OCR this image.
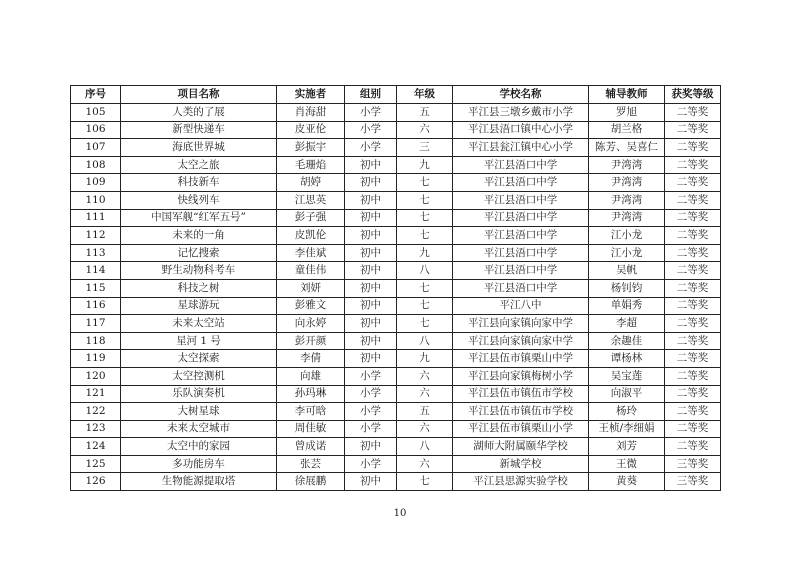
序号	项目名称	实施者	组别	年级	学校名称	辅导教师	获奖等级
105	人类的了展	肖海甜	小学	五	平江县三墩乡戴市小学	罗旭	二等奖
106	新型快递车	皮亚伦	小学	六	平江县浯口镇中心小学	胡兰格	二等奖
107	海底世界城	彭振宇	小学	三	平江县瓮江镇中心小学	陈芳、吴喜仁	二等奖
108	太空之旅	毛珊焰	初中	九	平江县浯口中学	尹湾湾	二等奖
109	科技新车	胡婷	初中	七	平江县浯口中学	尹湾湾	二等奖
110	快线列车	江思英	初中	七	平江县浯口中学	尹湾湾	二等奖
111	中国军舰“红军五号”	彭子强	初中	七	平江县浯口中学	尹湾湾	二等奖
112	未来的一角	皮凯伦	初中	七	平江县浯口中学	江小龙	二等奖
113	记忆搜索	李佳斌	初中	九	平江县浯口中学	江小龙	二等奖
114	野生动物科考车	童佳伟	初中	八	平江县浯口中学	吴帆	二等奖
115	科技之树	刘妍	初中	七	平江县浯口中学	杨钊钧	二等奖
116	星球游玩	彭雅文	初中	七	平江八中	单娟秀	二等奖
117	未来太空站	向永婷	初中	七	平江县向家镇向家中学	李超	二等奖
118	星河 1 号	彭开颜	初中	八	平江县向家镇向家中学	余趣佳	二等奖
119	太空探索	李倩	初中	九	平江县伍市镇栗山中学	谭杨林	二等奖
120	太空控测机	向雄	小学	六	平江县向家镇梅树小学	吴宝莲	二等奖
121	乐队演奏机	孙玛琳	小学	六	平江县伍市镇伍市学校	向淑平	二等奖
122	大树星球	李可晗	小学	五	平江县伍市镇伍市学校	杨玲	二等奖
123	未来太空城市	周佳敏	小学	六	平江县伍市镇栗山小学	王桢/李细娟	二等奖
124	太空中的家园	曾成诺	初中	八	湖师大附属颐华学校	刘芳	二等奖
125	多功能房车	张芸	小学	六	新城学校	王微	三等奖
126	生物能源提取塔	徐展鹏	初中	七	平江县思源实验学校	黄葵	三等奖
10
